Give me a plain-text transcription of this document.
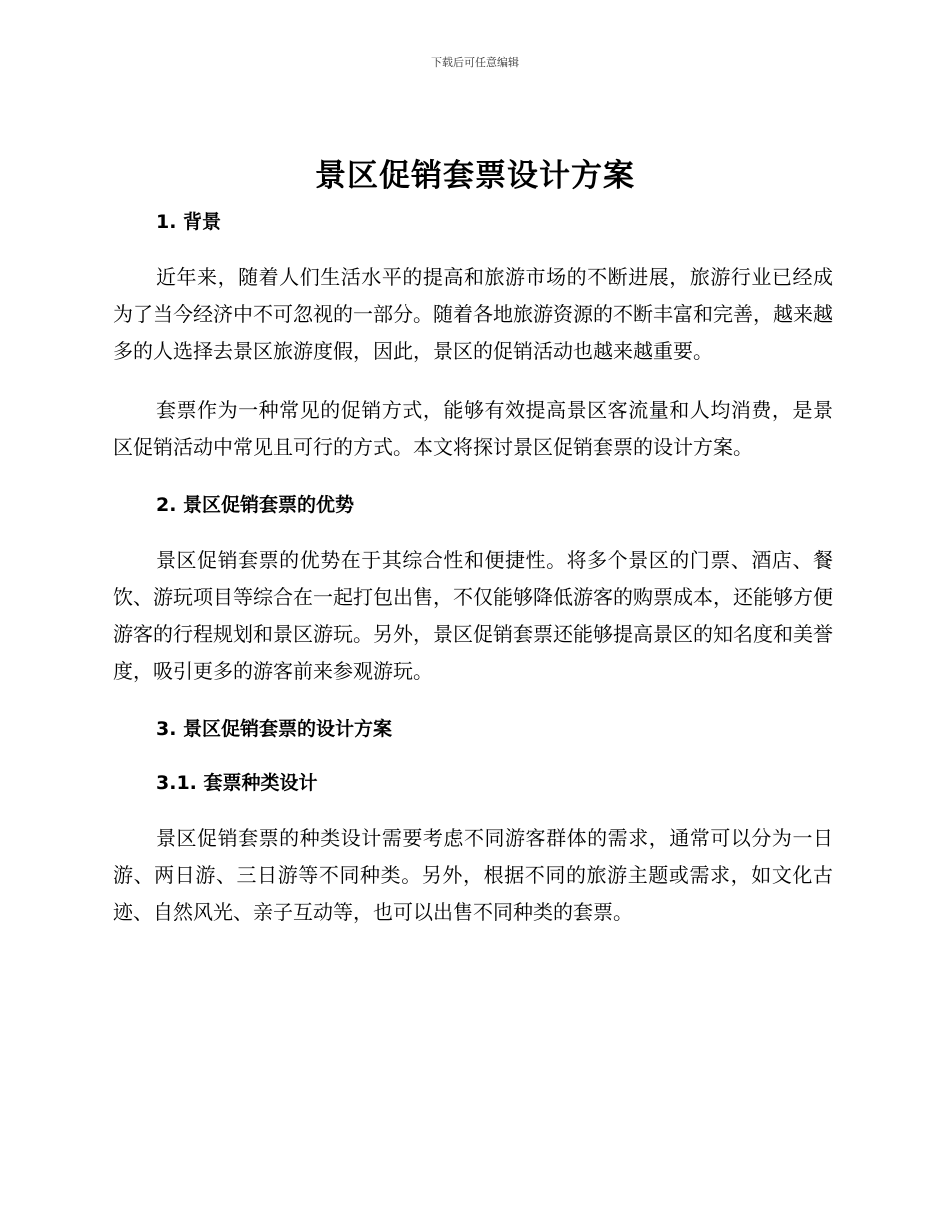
下载后可任意编辑
景区促销套票设计方案

1. 背景

近年来，随着人们生活水平的提高和旅游市场的不断进展，旅游行业已经成为了当今经济中不可忽视的一部分。随着各地旅游资源的不断丰富和完善，越来越多的人选择去景区旅游度假，因此，景区的促销活动也越来越重要。

套票作为一种常见的促销方式，能够有效提高景区客流量和人均消费，是景区促销活动中常见且可行的方式。本文将探讨景区促销套票的设计方案。

2. 景区促销套票的优势

景区促销套票的优势在于其综合性和便捷性。将多个景区的门票、酒店、餐饮、游玩项目等综合在一起打包出售，不仅能够降低游客的购票成本，还能够方便游客的行程规划和景区游玩。另外，景区促销套票还能够提高景区的知名度和美誉度，吸引更多的游客前来参观游玩。

3. 景区促销套票的设计方案

3.1. 套票种类设计

景区促销套票的种类设计需要考虑不同游客群体的需求，通常可以分为一日游、两日游、三日游等不同种类。另外，根据不同的旅游主题或需求，如文化古迹、自然风光、亲子互动等，也可以出售不同种类的套票。
